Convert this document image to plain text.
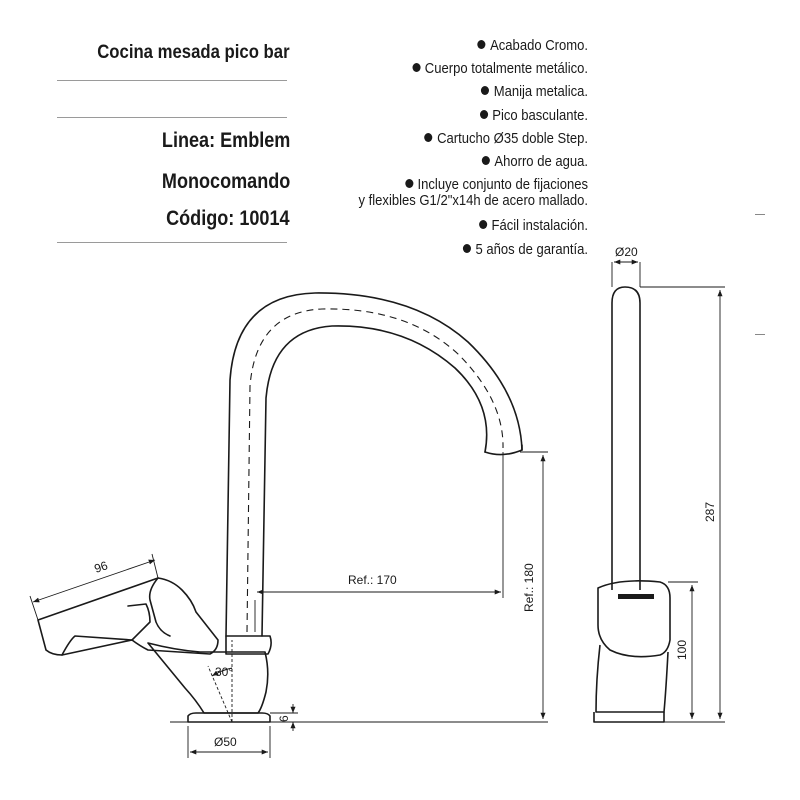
Cocina mesada pico bar
Linea: Emblem
Monocomando
Código: 10014
Acabado Cromo.
Cuerpo totalmente metálico.
Manija metalica.
Pico basculante.
Cartucho Ø35 doble Step.
Ahorro de agua.
Incluye conjunto de fijaciones
y flexibles G1/2"x14h de acero mallado.
Fácil instalación.
5 años de garantía.
96
Ref.: 170	Ref.: 180
30°
6
Ø50
Ø20
287
100
